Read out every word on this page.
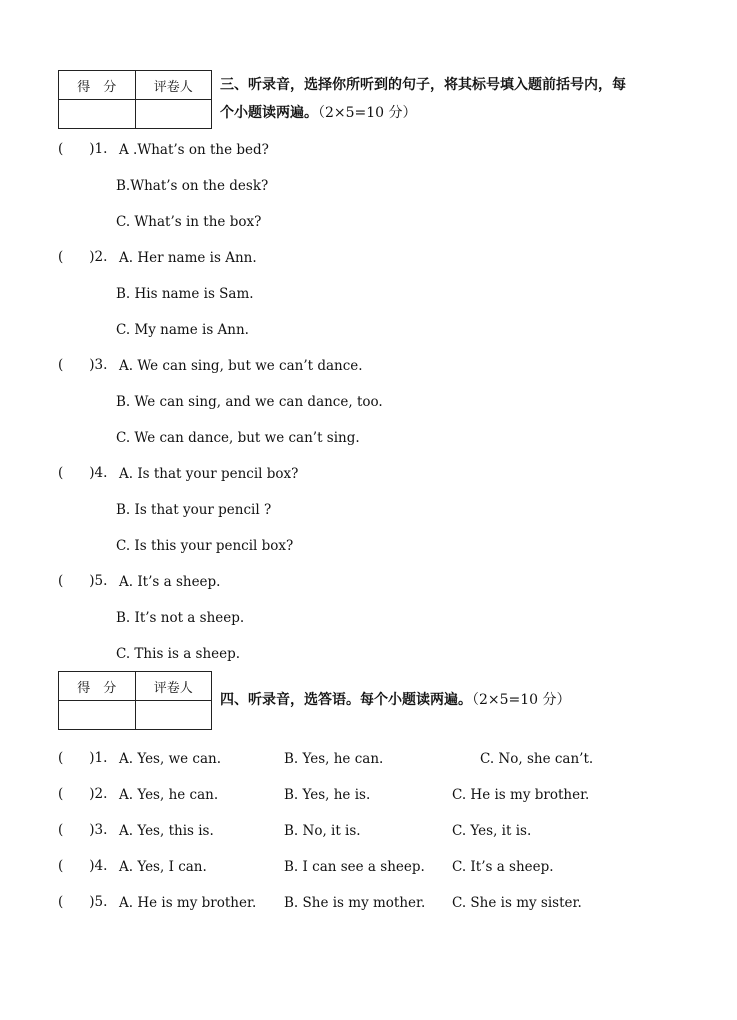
得　分	评卷人
	三、听录音，选择你所听到的句子，将其标号填入题前括号内，每
个小题读两遍。（2×5=10 分）
( )1. A .What’s on the bed?
B.What’s on the desk?
C. What’s in the box?
( )2. A. Her name is Ann.
B. His name is Sam.
C. My name is Ann.
( )3. A. We can sing, but we can’t dance.
B. We can sing, and we can dance, too.
C. We can dance, but we can’t sing.
( )4. A. Is that your pencil box?
B. Is that your pencil ?
C. Is this your pencil box?
( )5. A. It’s a sheep.
B. It’s not a sheep.
C. This is a sheep.
得　分	评卷人

四、听录音，选答语。每个小题读两遍。（2×5=10 分）
( )1. A. Yes, we can.	B. Yes, he can.	C. No, she can’t.
( )2. A. Yes, he can.	B. Yes, he is.	C. He is my brother.
( )3. A. Yes, this is.	B. No, it is.	C. Yes, it is.
( )4. A. Yes, I can.	B. I can see a sheep. C. It’s a sheep.
( )5. A. He is my brother. B. She is my mother. C. She is my sister.
